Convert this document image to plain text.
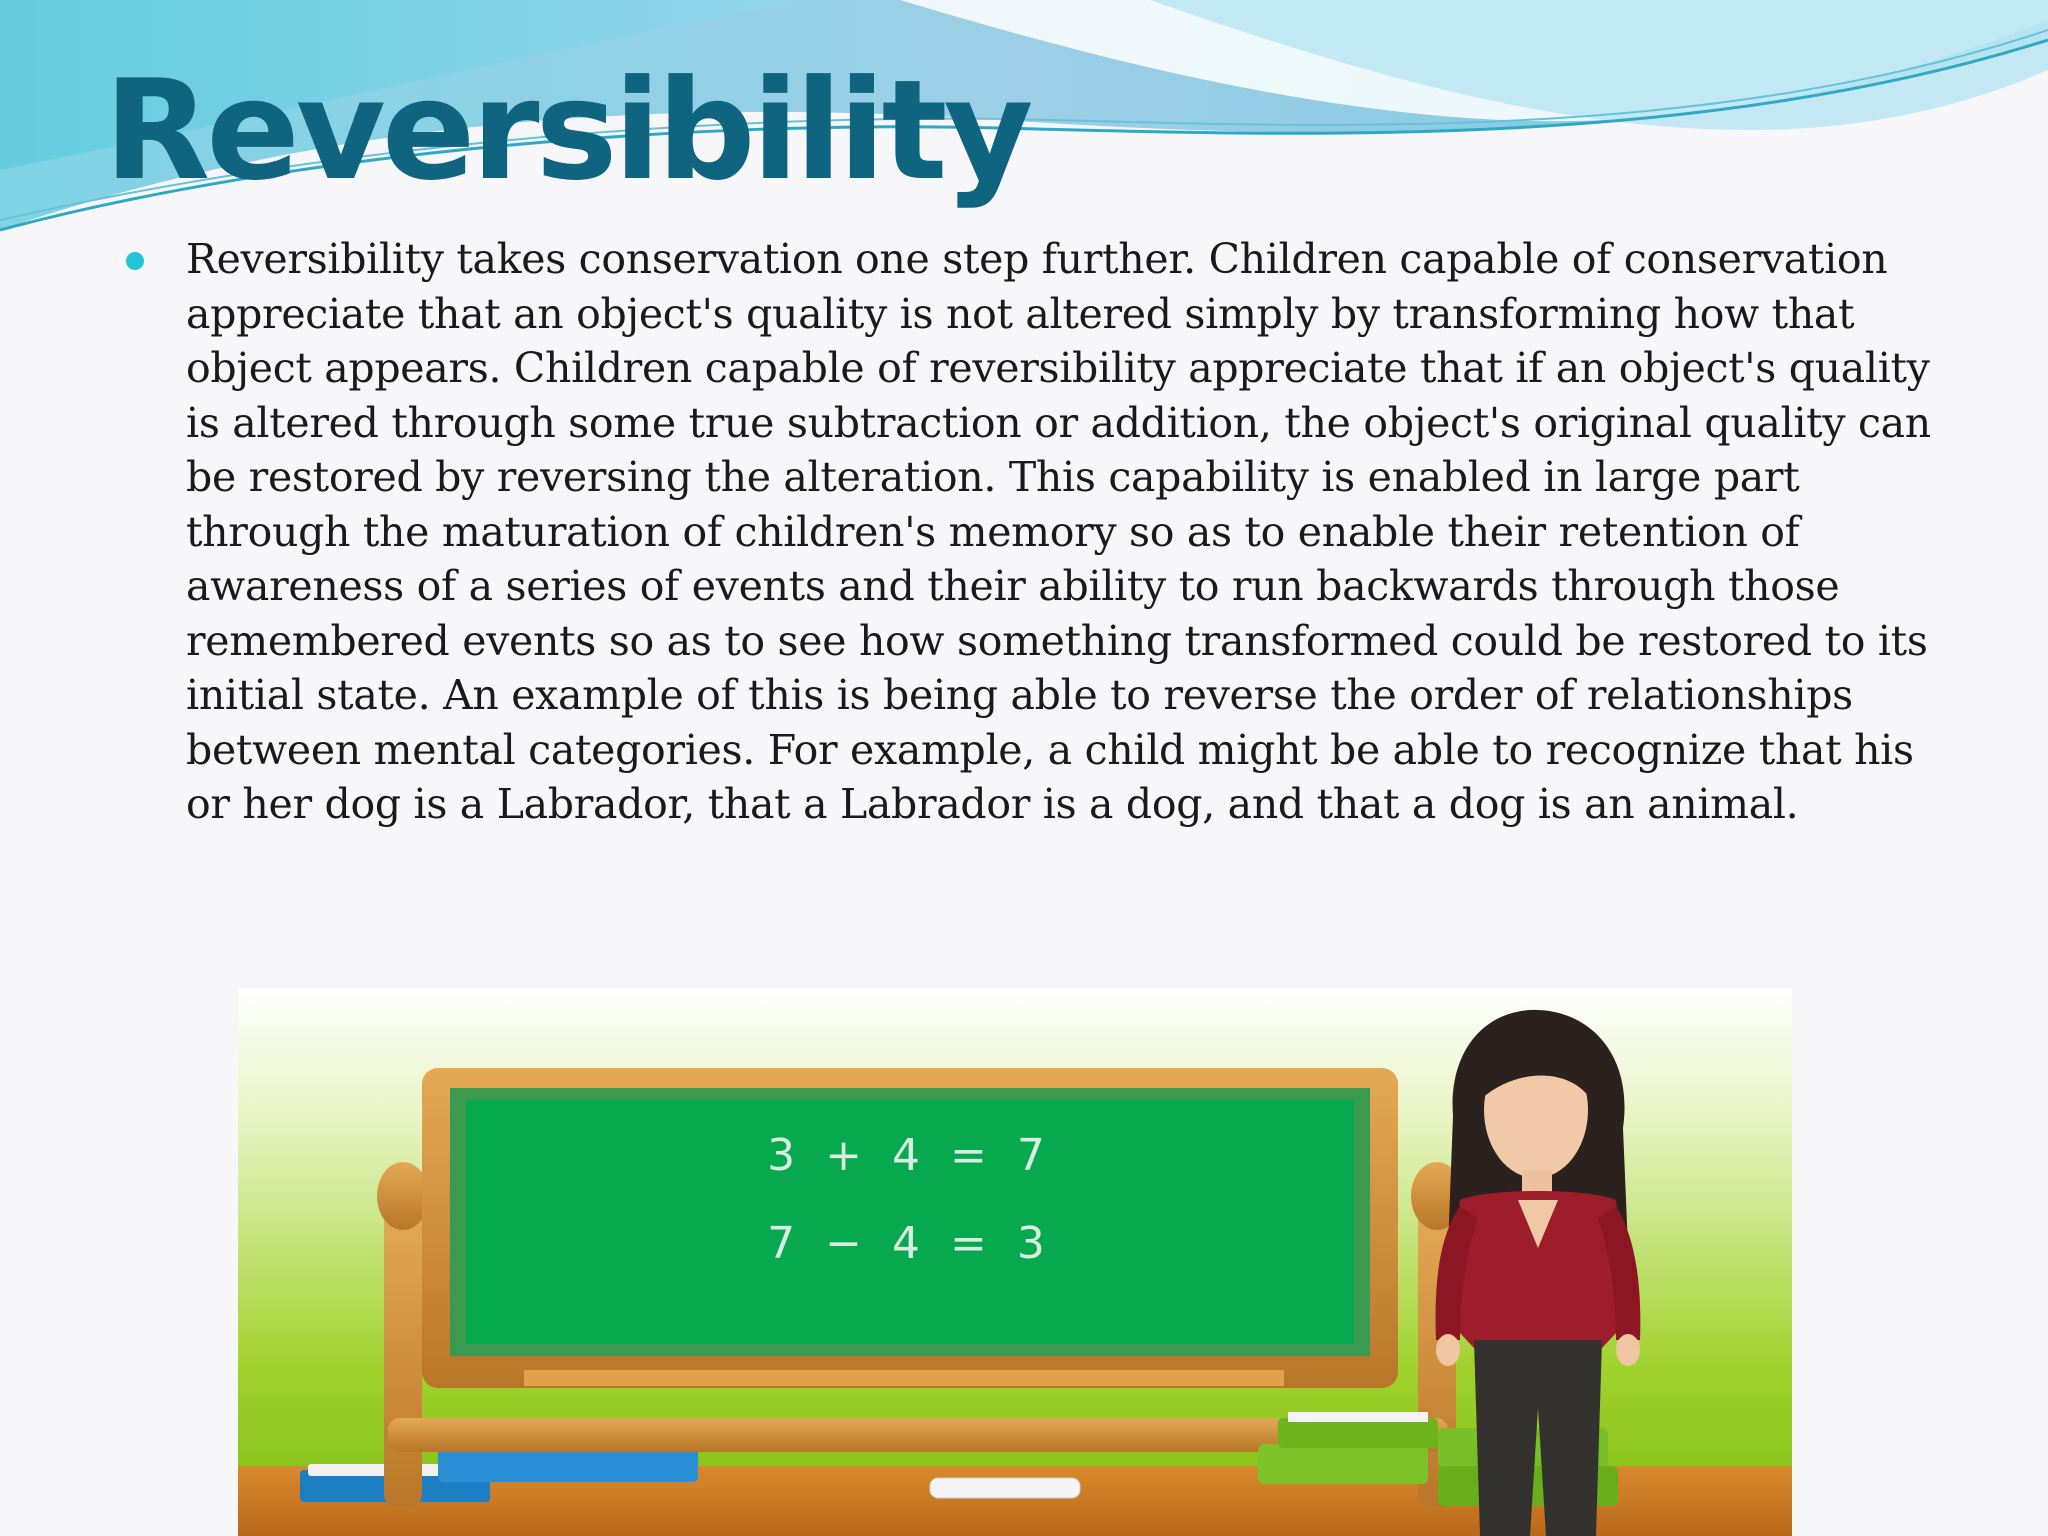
Reversibility

Reversibility takes conservation one step further. Children capable of conservation appreciate that an object's quality is not altered simply by transforming how that object appears. Children capable of reversibility appreciate that if an object's quality is altered through some true subtraction or addition, the object's original quality can be restored by reversing the alteration. This capability is enabled in large part through the maturation of children's memory so as to enable their retention of awareness of a series of events and their ability to run backwards through those remembered events so as to see how something transformed could be restored to its initial state. An example of this is being able to reverse the order of relationships between mental categories. For example, a child might be able to recognize that his or her dog is a Labrador, that a Labrador is a dog, and that a dog is an animal.

3 + 4 = 7
7 − 4 = 3
